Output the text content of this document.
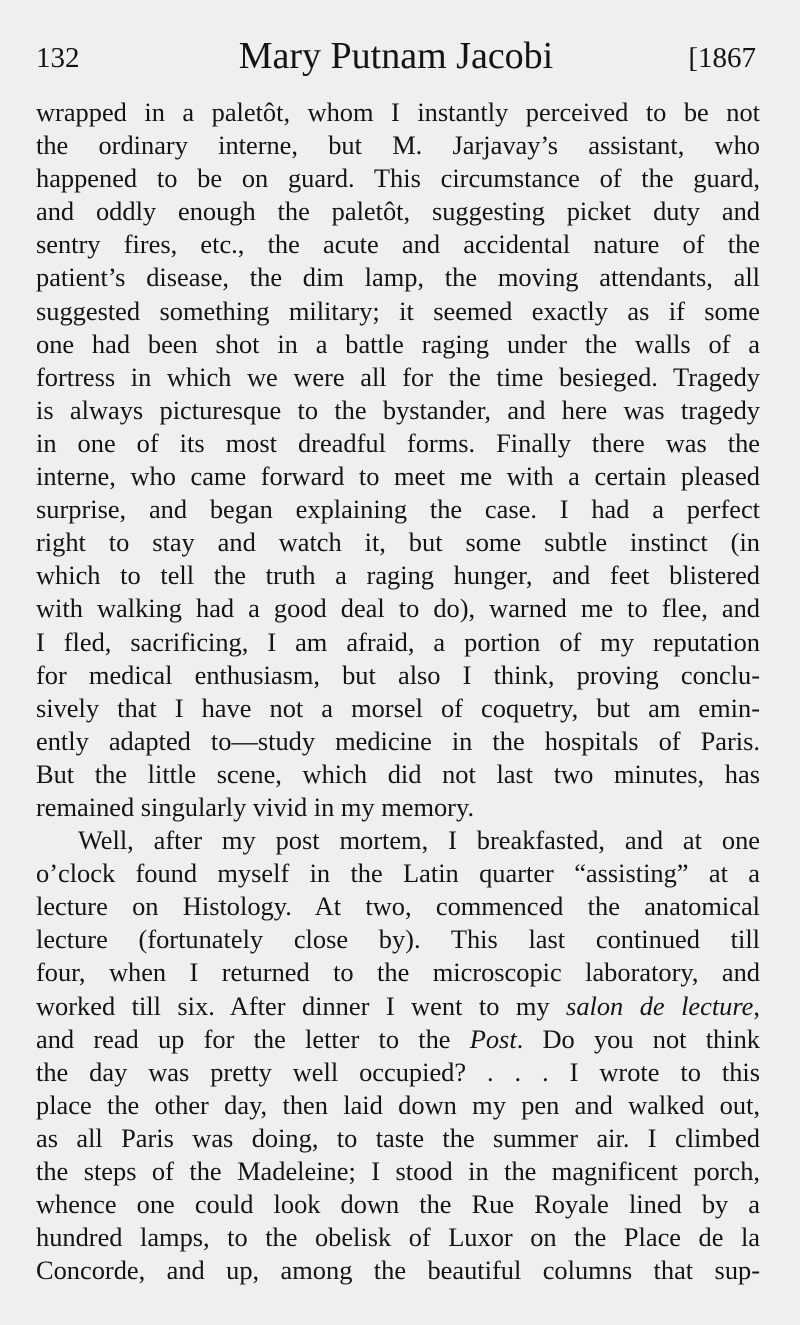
132	Mary Putnam Jacobi	[1867
wrapped in a paletôt, whom I instantly perceived to be not
the ordinary interne, but M. Jarjavay’s assistant, who
happened to be on guard. This circumstance of the guard,
and oddly enough the paletôt, suggesting picket duty and
sentry fires, etc., the acute and accidental nature of the
patient’s disease, the dim lamp, the moving attendants, all
suggested something military; it seemed exactly as if some
one had been shot in a battle raging under the walls of a
fortress in which we were all for the time besieged. Tragedy
is always picturesque to the bystander, and here was tragedy
in one of its most dreadful forms. Finally there was the
interne, who came forward to meet me with a certain pleased
surprise, and began explaining the case. I had a perfect
right to stay and watch it, but some subtle instinct (in
which to tell the truth a raging hunger, and feet blistered
with walking had a good deal to do), warned me to flee, and
I fled, sacrificing, I am afraid, a portion of my reputation
for medical enthusiasm, but also I think, proving conclu-
sively that I have not a morsel of coquetry, but am emin-
ently adapted to—study medicine in the hospitals of Paris.
But the little scene, which did not last two minutes, has
remained singularly vivid in my memory.
Well, after my post mortem, I breakfasted, and at one
o’clock found myself in the Latin quarter “assisting” at a
lecture on Histology. At two, commenced the anatomical
lecture (fortunately close by). This last continued till
four, when I returned to the microscopic laboratory, and
worked till six. After dinner I went to my salon de lecture,
and read up for the letter to the Post. Do you not think
the day was pretty well occupied? . . . I wrote to this
place the other day, then laid down my pen and walked out,
as all Paris was doing, to taste the summer air. I climbed
the steps of the Madeleine; I stood in the magnificent porch,
whence one could look down the Rue Royale lined by a
hundred lamps, to the obelisk of Luxor on the Place de la
Concorde, and up, among the beautiful columns that sup-
